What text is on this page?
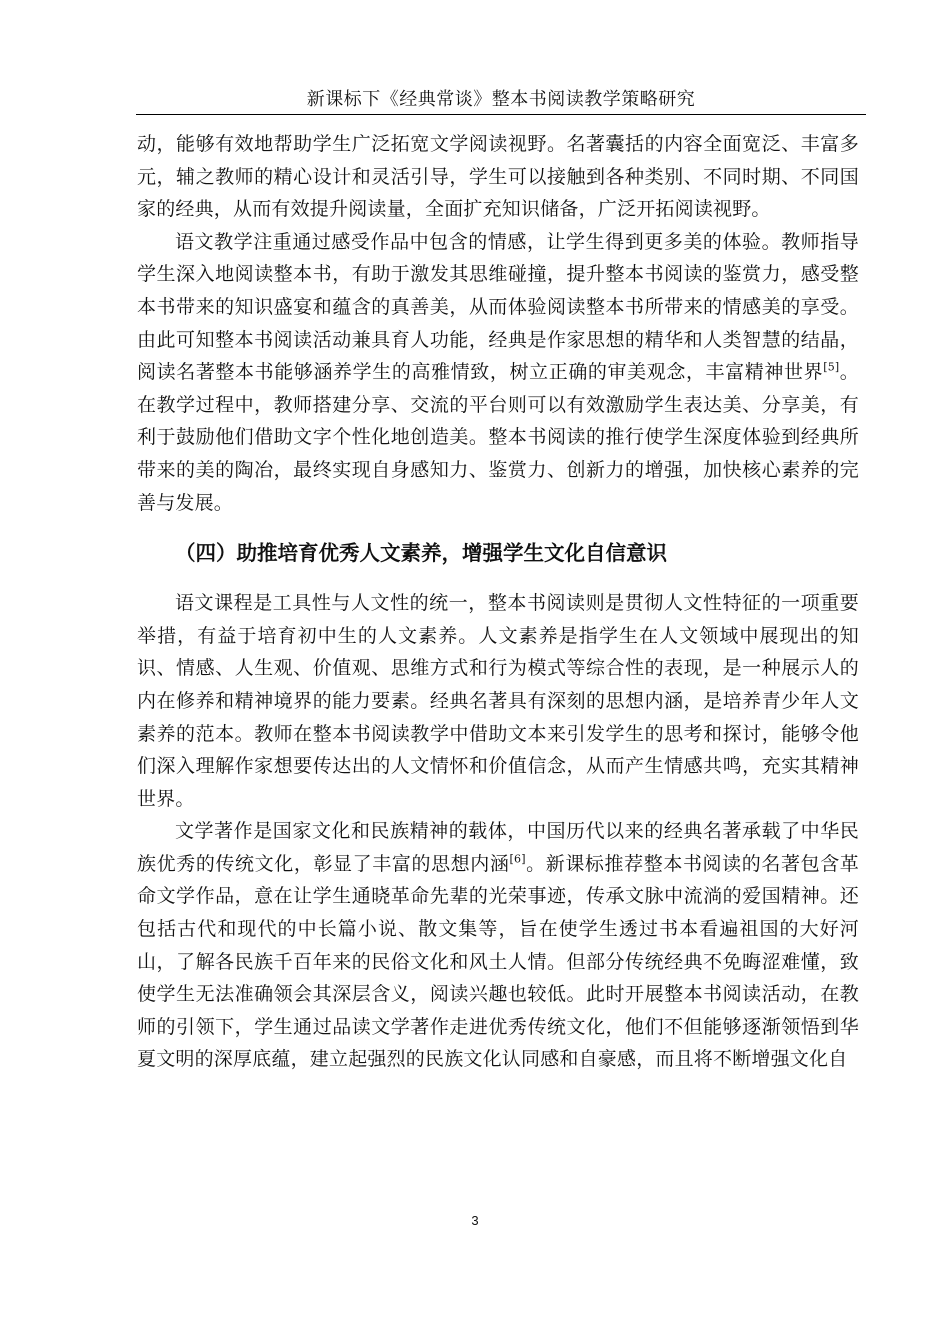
新课标下《经典常谈》整本书阅读教学策略研究

动，能够有效地帮助学生广泛拓宽文学阅读视野。名著囊括的内容全面宽泛、丰富多元，辅之教师的精心设计和灵活引导，学生可以接触到各种类别、不同时期、不同国家的经典，从而有效提升阅读量，全面扩充知识储备，广泛开拓阅读视野。

语文教学注重通过感受作品中包含的情感，让学生得到更多美的体验。教师指导学生深入地阅读整本书，有助于激发其思维碰撞，提升整本书阅读的鉴赏力，感受整本书带来的知识盛宴和蕴含的真善美，从而体验阅读整本书所带来的情感美的享受。由此可知整本书阅读活动兼具育人功能，经典是作家思想的精华和人类智慧的结晶，阅读名著整本书能够涵养学生的高雅情致，树立正确的审美观念，丰富精神世界[5]。在教学过程中，教师搭建分享、交流的平台则可以有效激励学生表达美、分享美，有利于鼓励他们借助文字个性化地创造美。整本书阅读的推行使学生深度体验到经典所带来的美的陶冶，最终实现自身感知力、鉴赏力、创新力的增强，加快核心素养的完善与发展。

（四）助推培育优秀人文素养，增强学生文化自信意识

语文课程是工具性与人文性的统一，整本书阅读则是贯彻人文性特征的一项重要举措，有益于培育初中生的人文素养。人文素养是指学生在人文领域中展现出的知识、情感、人生观、价值观、思维方式和行为模式等综合性的表现，是一种展示人的内在修养和精神境界的能力要素。经典名著具有深刻的思想内涵，是培养青少年人文素养的范本。教师在整本书阅读教学中借助文本来引发学生的思考和探讨，能够令他们深入理解作家想要传达出的人文情怀和价值信念，从而产生情感共鸣，充实其精神世界。

文学著作是国家文化和民族精神的载体，中国历代以来的经典名著承载了中华民族优秀的传统文化，彰显了丰富的思想内涵[6]。新课标推荐整本书阅读的名著包含革命文学作品，意在让学生通晓革命先辈的光荣事迹，传承文脉中流淌的爱国精神。还包括古代和现代的中长篇小说、散文集等，旨在使学生透过书本看遍祖国的大好河山，了解各民族千百年来的民俗文化和风土人情。但部分传统经典不免晦涩难懂，致使学生无法准确领会其深层含义，阅读兴趣也较低。此时开展整本书阅读活动，在教师的引领下，学生通过品读文学著作走进优秀传统文化，他们不但能够逐渐领悟到华夏文明的深厚底蕴，建立起强烈的民族文化认同感和自豪感，而且将不断增强文化自

3
